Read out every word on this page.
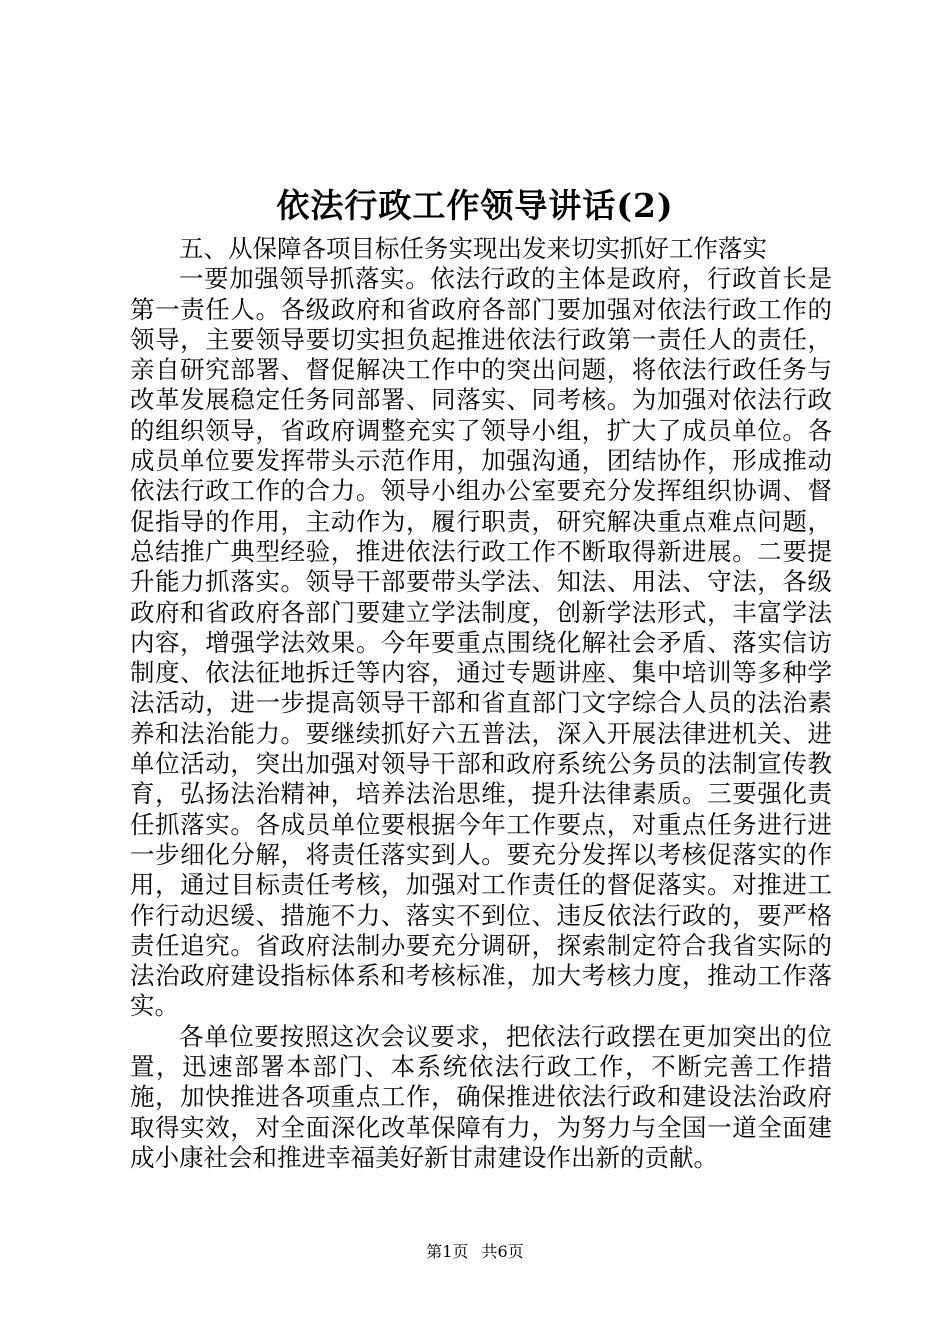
依法行政工作领导讲话(2)

五、从保障各项目标任务实现出发来切实抓好工作落实

一要加强领导抓落实。依法行政的主体是政府，行政首长是第一责任人。各级政府和省政府各部门要加强对依法行政工作的领导，主要领导要切实担负起推进依法行政第一责任人的责任，亲自研究部署、督促解决工作中的突出问题，将依法行政任务与改革发展稳定任务同部署、同落实、同考核。为加强对依法行政的组织领导，省政府调整充实了领导小组，扩大了成员单位。各成员单位要发挥带头示范作用，加强沟通，团结协作，形成推动依法行政工作的合力。领导小组办公室要充分发挥组织协调、督促指导的作用，主动作为，履行职责，研究解决重点难点问题，总结推广典型经验，推进依法行政工作不断取得新进展。二要提升能力抓落实。领导干部要带头学法、知法、用法、守法，各级政府和省政府各部门要建立学法制度，创新学法形式，丰富学法内容，增强学法效果。今年要重点围绕化解社会矛盾、落实信访制度、依法征地拆迁等内容，通过专题讲座、集中培训等多种学法活动，进一步提高领导干部和省直部门文字综合人员的法治素养和法治能力。要继续抓好六五普法，深入开展法律进机关、进单位活动，突出加强对领导干部和政府系统公务员的法制宣传教育，弘扬法治精神，培养法治思维，提升法律素质。三要强化责任抓落实。各成员单位要根据今年工作要点，对重点任务进行进一步细化分解，将责任落实到人。要充分发挥以考核促落实的作用，通过目标责任考核，加强对工作责任的督促落实。对推进工作行动迟缓、措施不力、落实不到位、违反依法行政的，要严格责任追究。省政府法制办要充分调研，探索制定符合我省实际的法治政府建设指标体系和考核标准，加大考核力度，推动工作落实。

各单位要按照这次会议要求，把依法行政摆在更加突出的位置，迅速部署本部门、本系统依法行政工作，不断完善工作措施，加快推进各项重点工作，确保推进依法行政和建设法治政府取得实效，对全面深化改革保障有力，为努力与全国一道全面建成小康社会和推进幸福美好新甘肃建设作出新的贡献。

第1页 共6页
